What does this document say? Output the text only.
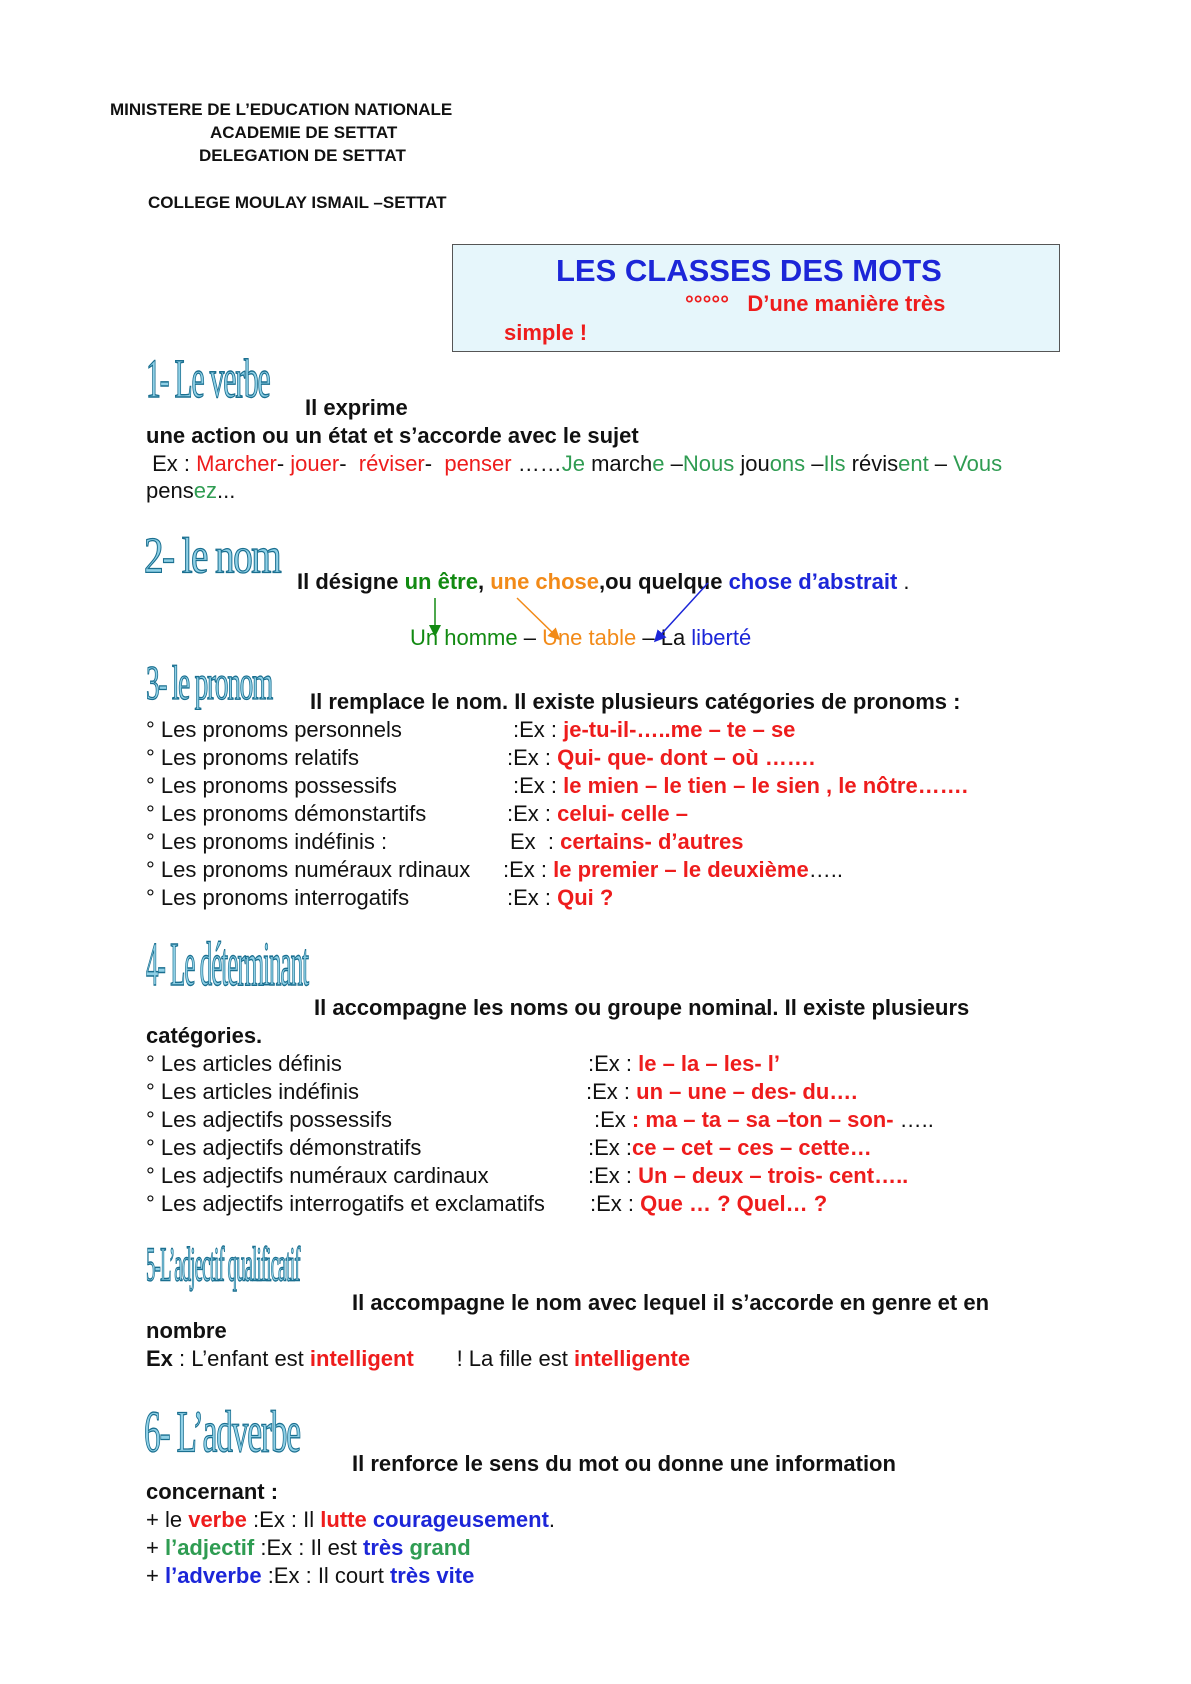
MINISTERE DE L’EDUCATION NATIONALE
ACADEMIE DE SETTAT
DELEGATION DE SETTAT
COLLEGE MOULAY ISMAIL –SETTAT
LES CLASSES DES MOTS
°°°°°   D’une manière très
simple !
1- Le verbe	Il exprime
une action ou un état et s’accorde avec le sujet
Ex : Marcher- jouer-  réviser-  penser ……Je marche –Nous jouons –Ils révisent – Vous
pensez...
2- le nom Il désigne un être, une chose,ou quelque chose d’abstrait .
Un homme – Une table – La liberté
3- le pronom	Il remplace le nom. Il existe plusieurs catégories de pronoms :
° Les pronoms personnels	:Ex : je-tu-il-…..me – te – se
° Les pronoms relatifs	:Ex : Qui- que- dont – où …….
° Les pronoms possessifs	:Ex : le mien – le tien – le sien , le nôtre…….
° Les pronoms démonstartifs	:Ex : celui- celle –
° Les pronoms indéfinis :	Ex  : certains- d’autres
° Les pronoms numéraux rdinaux :Ex : le premier – le deuxième…..
° Les pronoms interrogatifs	:Ex : Qui ?
4- Le déterminant
Il accompagne les noms ou groupe nominal. Il existe plusieurs
catégories.
° Les articles définis	:Ex : le – la – les- l’
° Les articles indéfinis	:Ex : un – une – des- du….
° Les adjectifs possessifs	:Ex : ma – ta – sa –ton – son- …..
° Les adjectifs démonstratifs	:Ex :ce – cet – ces – cette…
° Les adjectifs numéraux cardinaux	:Ex : Un – deux – trois- cent…..
° Les adjectifs interrogatifs et exclamatifs :Ex : Que … ? Quel… ?
5-L’adjectif qualificatif
Il accompagne le nom avec lequel il s’accorde en genre et en
nombre
Ex : L’enfant est intelligent       ! La fille est intelligente
6- L’adverbe	Il renforce le sens du mot ou donne une information
concernant :
+ le verbe :Ex : Il lutte courageusement.
+ l’adjectif :Ex : Il est très grand
+ l’adverbe :Ex : Il court très vite
